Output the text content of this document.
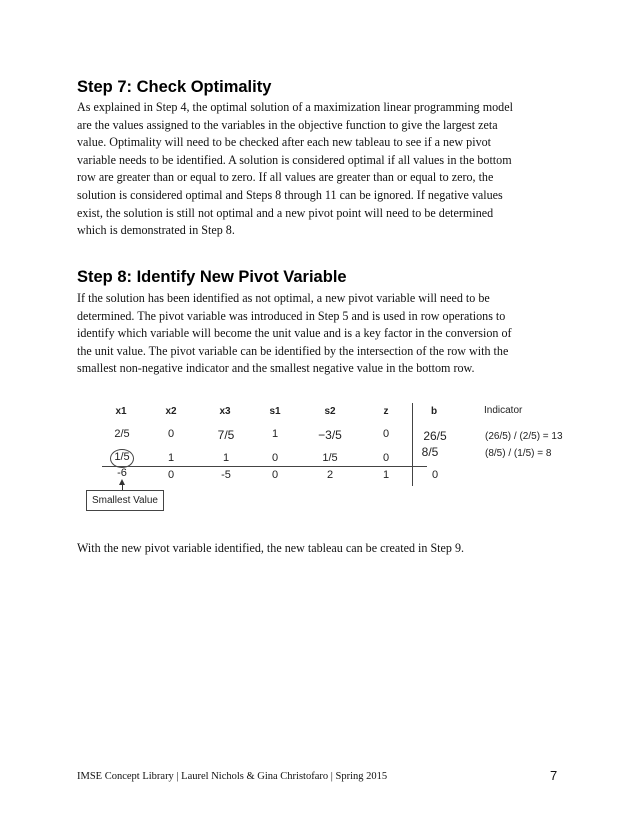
Step 7: Check Optimality

As explained in Step 4, the optimal solution of a maximization linear programming model
are the values assigned to the variables in the objective function to give the largest zeta
value. Optimality will need to be checked after each new tableau to see if a new pivot
variable needs to be identified. A solution is considered optimal if all values in the bottom
row are greater than or equal to zero. If all values are greater than or equal to zero, the
solution is considered optimal and Steps 8 through 11 can be ignored. If negative values
exist, the solution is still not optimal and a new pivot point will need to be determined
which is demonstrated in Step 8.

Step 8: Identify New Pivot Variable

If the solution has been identified as not optimal, a new pivot variable will need to be
determined. The pivot variable was introduced in Step 5 and is used in row operations to
identify which variable will become the unit value and is a key factor in the conversion of
the unit value. The pivot variable can be identified by the intersection of the row with the
smallest non-negative indicator and the smallest negative value in the bottom row.

x1	x2	x3	s1	s2	z	b	Indicator
2/5	0	7/5	1	−3/5	0	26/5	(26/5) / (2/5) = 13
1/5	1	1	0	1/5	0	8/5	(8/5) / (1/5) = 8
-6	0	-5	0	2	1	0
Smallest Value

With the new pivot variable identified, the new tableau can be created in Step 9.

IMSE Concept Library | Laurel Nichols & Gina Christofaro | Spring 2015	7
